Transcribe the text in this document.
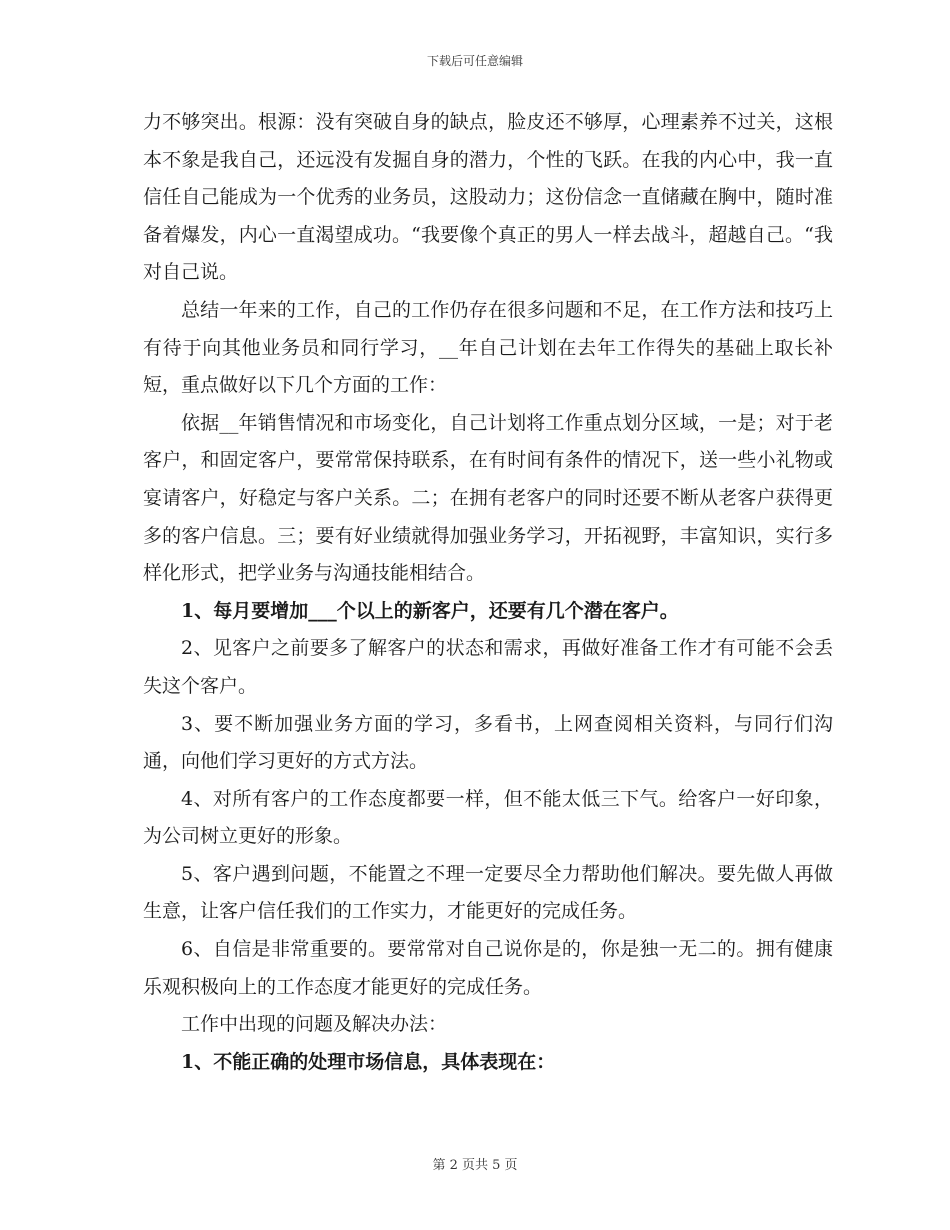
下载后可任意编辑

力不够突出。根源：没有突破自身的缺点，脸皮还不够厚，心理素养不过关，这根本不象是我自己，还远没有发掘自身的潜力，个性的飞跃。在我的内心中，我一直信任自己能成为一个优秀的业务员，这股动力；这份信念一直储藏在胸中，随时准备着爆发，内心一直渴望成功。“我要像个真正的男人一样去战斗，超越自己。“我对自己说。

总结一年来的工作，自己的工作仍存在很多问题和不足，在工作方法和技巧上有待于向其他业务员和同行学习，__年自己计划在去年工作得失的基础上取长补短，重点做好以下几个方面的工作：

依据__年销售情况和市场变化，自己计划将工作重点划分区域，一是；对于老客户，和固定客户，要常常保持联系，在有时间有条件的情况下，送一些小礼物或宴请客户，好稳定与客户关系。二；在拥有老客户的同时还要不断从老客户获得更多的客户信息。三；要有好业绩就得加强业务学习，开拓视野，丰富知识，实行多样化形式，把学业务与沟通技能相结合。

1、每月要增加___个以上的新客户，还要有几个潜在客户。

2、见客户之前要多了解客户的状态和需求，再做好准备工作才有可能不会丢失这个客户。

3、要不断加强业务方面的学习，多看书，上网查阅相关资料，与同行们沟通，向他们学习更好的方式方法。

4、对所有客户的工作态度都要一样，但不能太低三下气。给客户一好印象，为公司树立更好的形象。

5、客户遇到问题，不能置之不理一定要尽全力帮助他们解决。要先做人再做生意，让客户信任我们的工作实力，才能更好的完成任务。

6、自信是非常重要的。要常常对自己说你是的，你是独一无二的。拥有健康乐观积极向上的工作态度才能更好的完成任务。

工作中出现的问题及解决办法：

1、不能正确的处理市场信息，具体表现在：

第 2 页共 5 页
